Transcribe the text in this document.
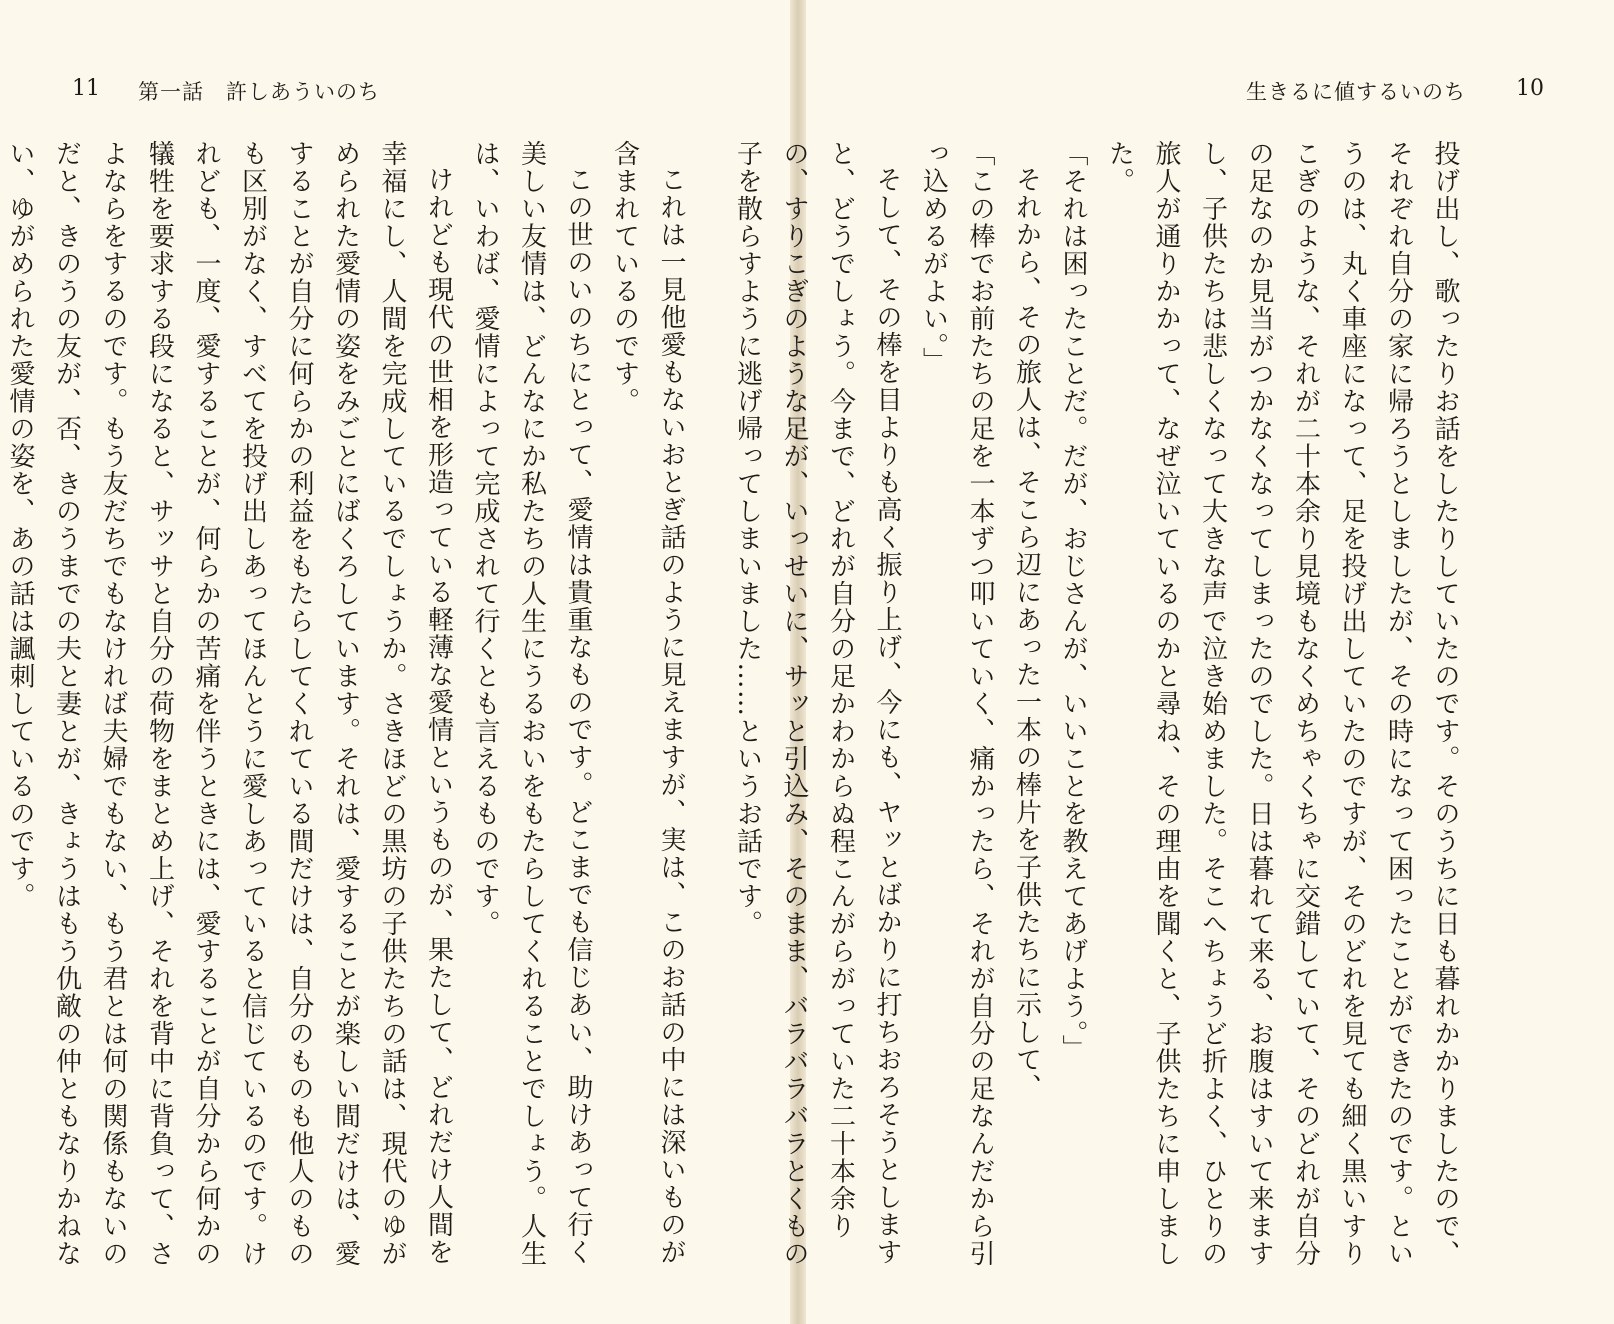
11 第一話　許しあういのち

これは一見他愛もないおとぎ話のように見えますが、実は、このお話の中には深いものが含まれているのです。

この世のいのちにとって、愛情は貴重なものです。どこまでも信じあい、助けあって行く美しい友情は、どんなにか私たちの人生にうるおいをもたらしてくれることでしょう。人生は、いわば、愛情によって完成されて行くとも言えるものです。

けれども現代の世相を形造っている軽薄な愛情というものが、果たして、どれだけ人間を幸福にし、人間を完成しているでしょうか。さきほどの黒坊の子供たちの話は、現代のゆがめられた愛情の姿をみごとにばくろしています。それは、愛することが楽しい間だけは、愛することが自分に何らかの利益をもたらしてくれている間だけは、自分のものも他人のものも区別がなく、すべてを投げ出しあってほんとうに愛しあっていると信じているのです。けれども、一度、愛することが、何らかの苦痛を伴うときには、愛することが自分から何かの犠牲を要求する段になると、サッサと自分の荷物をまとめ上げ、それを背中に背負って、さよならをするのです。もう友だちでもなければ夫婦でもない、もう君とは何の関係もないのだと、きのうの友が、否、きのうまでの夫と妻とが、きょうはもう仇敵の仲ともなりかねない、ゆがめられた愛情の姿を、あの話は諷刺しているのです。

生きるに値するいのち 10

投げ出し、歌ったりお話をしたりしていたのです。そのうちに日も暮れかかりましたので、それぞれ自分の家に帰ろうとしましたが、その時になって困ったことができたのです。というのは、丸く車座になって、足を投げ出していたのですが、そのどれを見ても細く黒いすりこぎのような、それが二十本余り見境もなくめちゃくちゃに交錯していて、そのどれが自分の足なのか見当がつかなくなってしまったのでした。日は暮れて来る、お腹はすいて来ますし、子供たちは悲しくなって大きな声で泣き始めました。そこへちょうど折よく、ひとりの旅人が通りかかって、なぜ泣いているのかと尋ね、その理由を聞くと、子供たちに申しました。

「それは困ったことだ。だが、おじさんが、いいことを教えてあげよう。」

それから、その旅人は、そこら辺にあった一本の棒片を子供たちに示して、

「この棒でお前たちの足を一本ずつ叩いていく、痛かったら、それが自分の足なんだから引っ込めるがよい。」

そして、その棒を目よりも高く振り上げ、今にも、ヤッとばかりに打ちおろそうとしますと、どうでしょう。今まで、どれが自分の足かわからぬ程こんがらがっていた二十本余りの、すりこぎのような足が、いっせいに、サッと引込み、そのまま、バラバラバラとくもの子を散らすように逃げ帰ってしまいました……というお話です。
